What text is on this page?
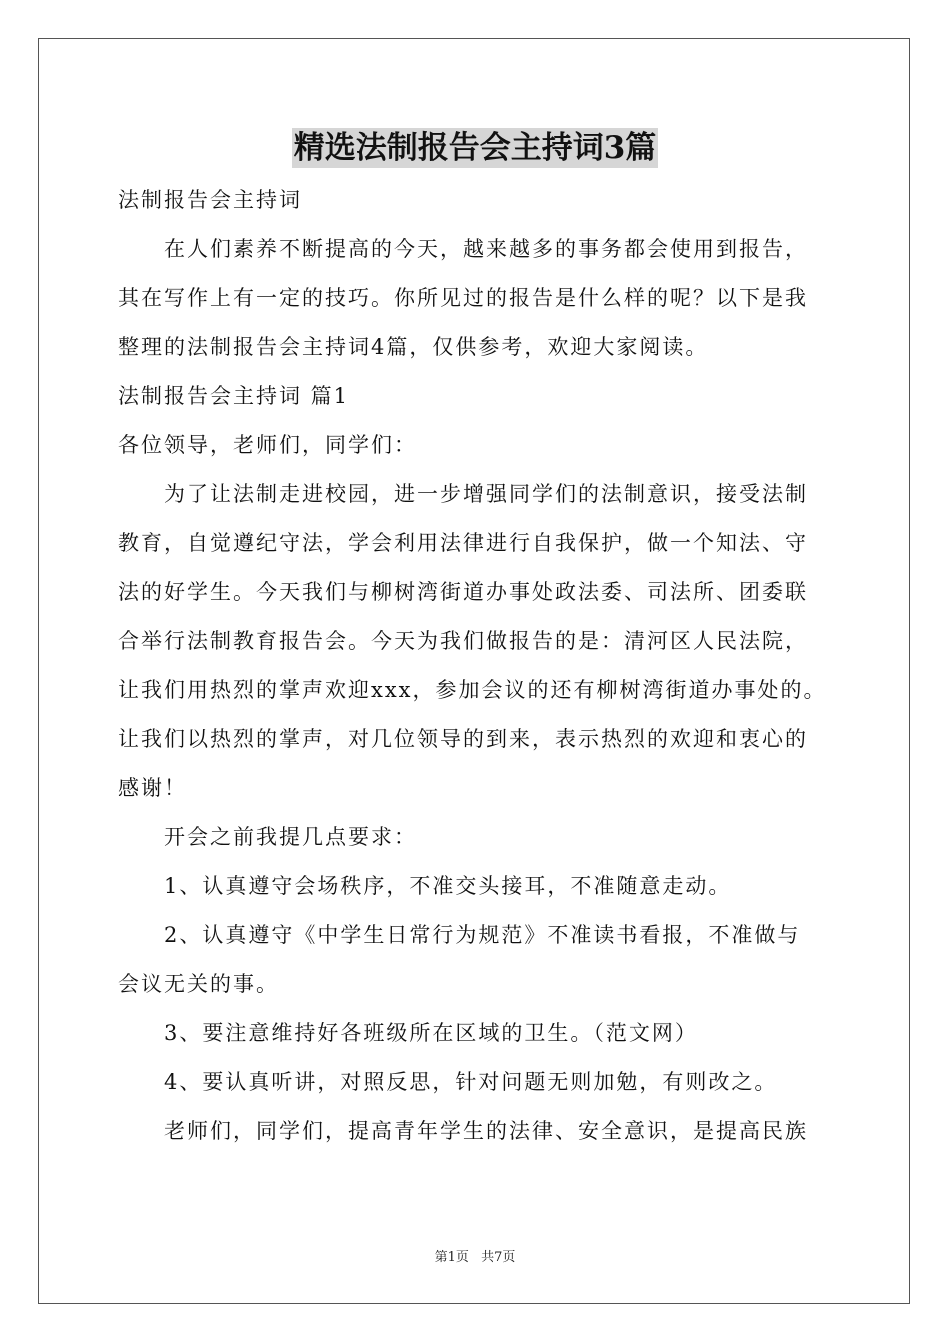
精选法制报告会主持词3篇
法制报告会主持词
在人们素养不断提高的今天，越来越多的事务都会使用到报告，
其在写作上有一定的技巧。你所见过的报告是什么样的呢？以下是我
整理的法制报告会主持词4篇，仅供参考，欢迎大家阅读。
法制报告会主持词 篇1
各位领导，老师们，同学们：
为了让法制走进校园，进一步增强同学们的法制意识，接受法制
教育，自觉遵纪守法，学会利用法律进行自我保护，做一个知法、守
法的好学生。今天我们与柳树湾街道办事处政法委、司法所、团委联
合举行法制教育报告会。今天为我们做报告的是：清河区人民法院，
让我们用热烈的掌声欢迎xxx，参加会议的还有柳树湾街道办事处的。
让我们以热烈的掌声，对几位领导的到来，表示热烈的欢迎和衷心的
感谢！
开会之前我提几点要求：
1、认真遵守会场秩序，不准交头接耳，不准随意走动。
2、认真遵守《中学生日常行为规范》不准读书看报，不准做与
会议无关的事。
3、要注意维持好各班级所在区域的卫生。（范文网）
4、要认真听讲，对照反思，针对问题无则加勉，有则改之。
老师们，同学们，提高青年学生的法律、安全意识，是提高民族
第1页 共7页
